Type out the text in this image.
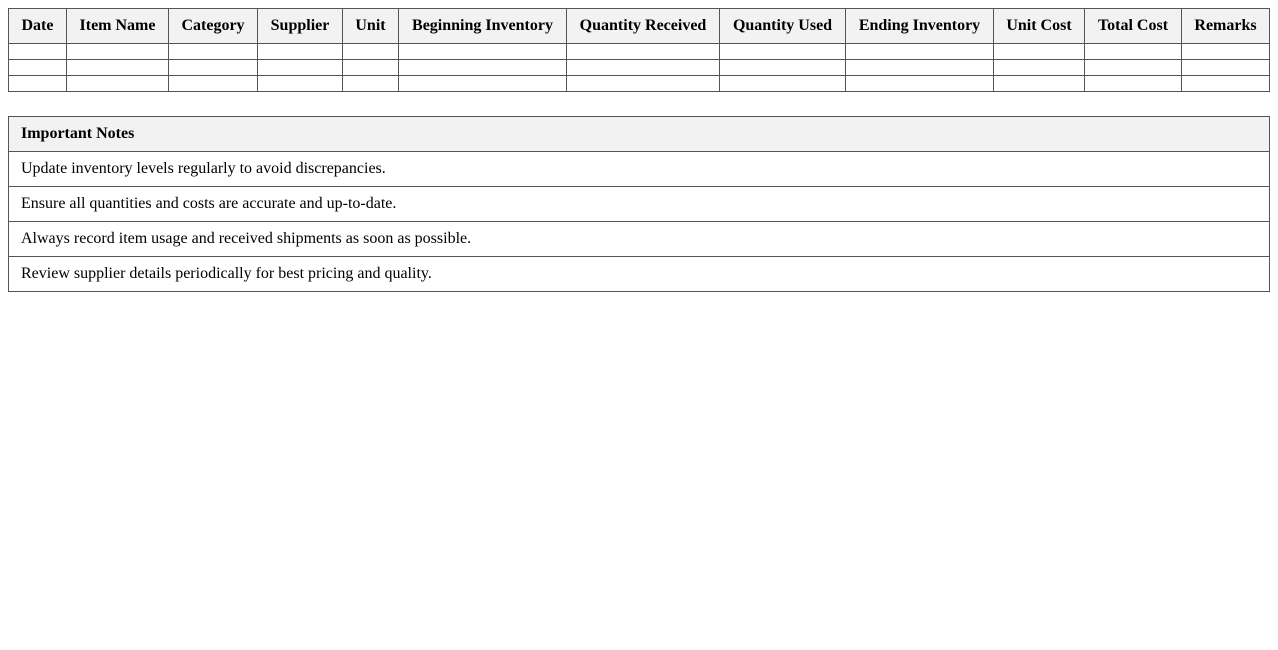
Date	Item Name	Category	Supplier	Unit	Beginning Inventory	Quantity Received	Quantity Used	Ending Inventory	Unit Cost	Total Cost	Remarks

Important Notes
Update inventory levels regularly to avoid discrepancies.
Ensure all quantities and costs are accurate and up-to-date.
Always record item usage and received shipments as soon as possible.
Review supplier details periodically for best pricing and quality.
